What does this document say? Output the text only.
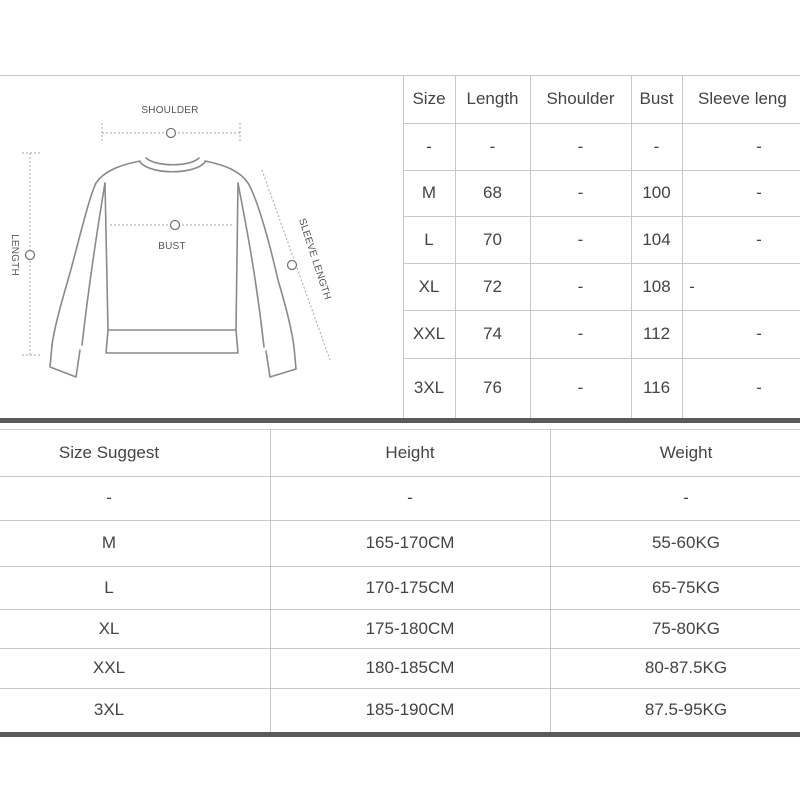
SHOULDER
BUST
LENGTH	SLEEVE LENGTH
Size	Length	Shoulder	Bust	Sleeve leng
-	-	-	-	-
M	68	-	100	-
L	70	-	104	-
XL	72	-	108	-
XXL	74	-	112	-
3XL	76	-	116	-
Size Suggest	Height	Weight
-	-	-
M	165-170CM	55-60KG
L	170-175CM	65-75KG
XL	175-180CM	75-80KG
XXL	180-185CM	80-87.5KG
3XL	185-190CM	87.5-95KG
